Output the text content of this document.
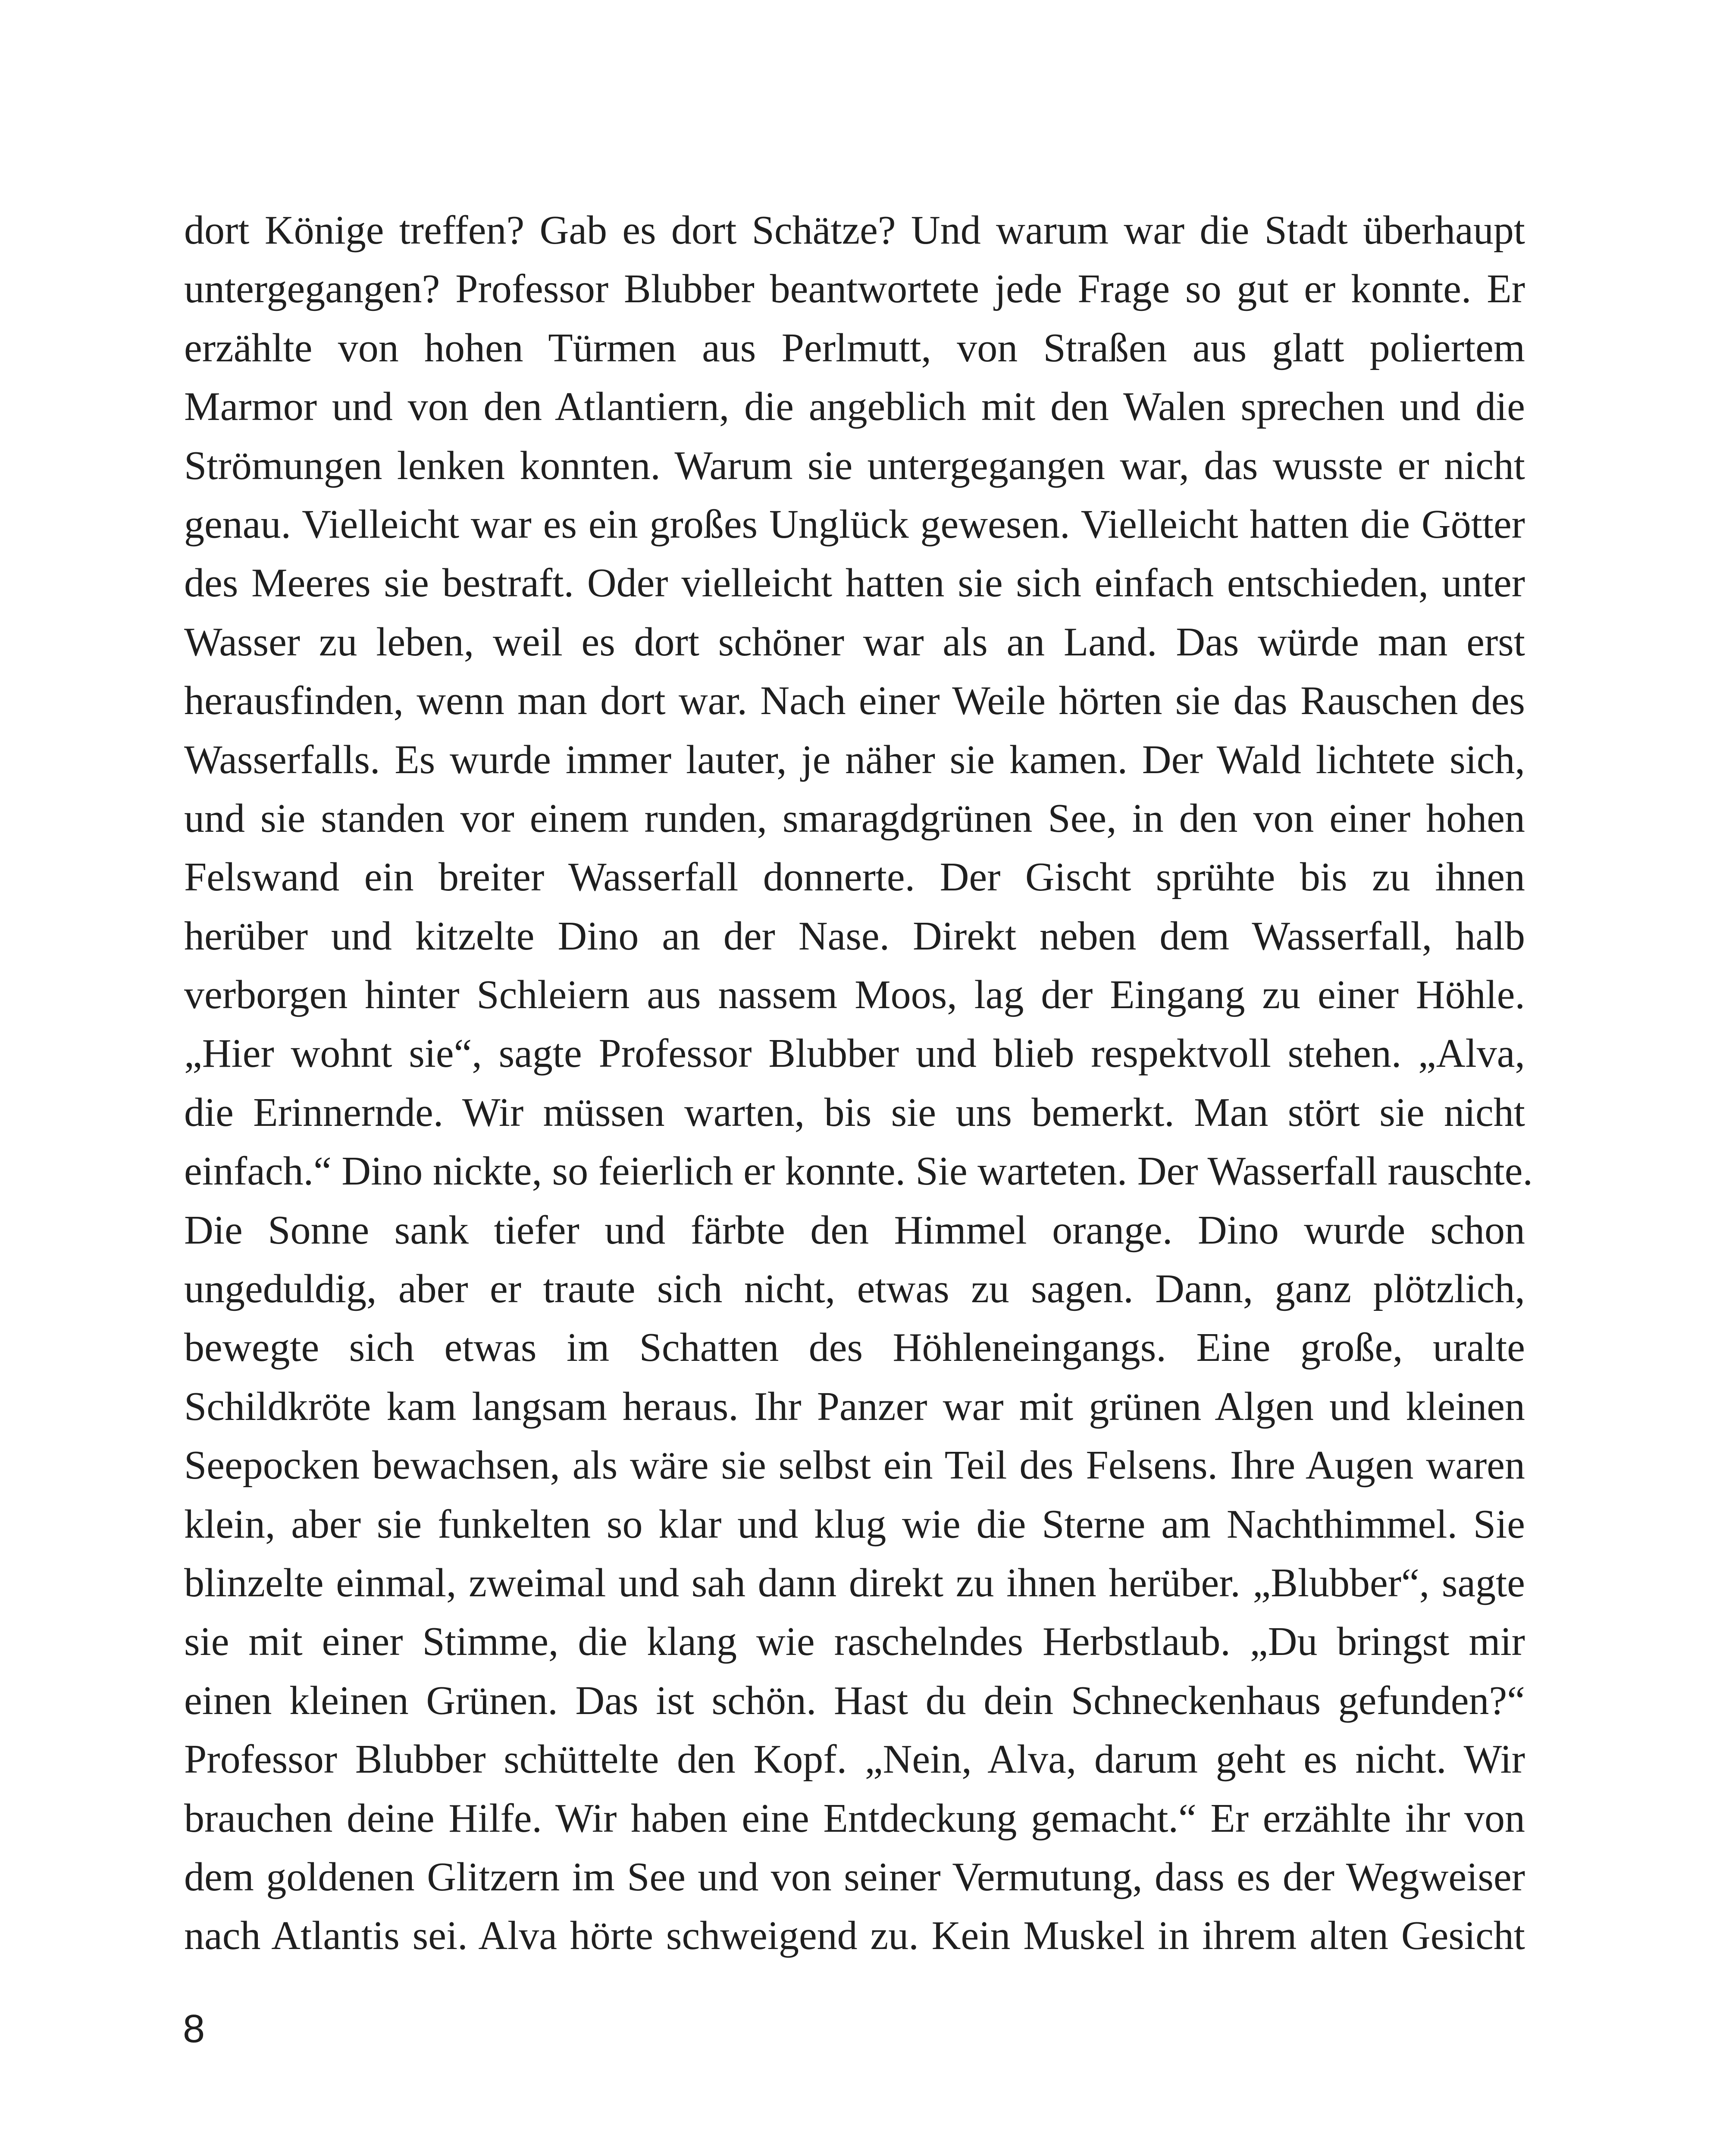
dort Könige treffen? Gab es dort Schätze? Und warum war die Stadt überhaupt
untergegangen? Professor Blubber beantwortete jede Frage so gut er konnte. Er
erzählte von hohen Türmen aus Perlmutt, von Straßen aus glatt poliertem
Marmor und von den Atlantiern, die angeblich mit den Walen sprechen und die
Strömungen lenken konnten. Warum sie untergegangen war, das wusste er nicht
genau. Vielleicht war es ein großes Unglück gewesen. Vielleicht hatten die Götter
des Meeres sie bestraft. Oder vielleicht hatten sie sich einfach entschieden, unter
Wasser zu leben, weil es dort schöner war als an Land. Das würde man erst
herausfinden, wenn man dort war. Nach einer Weile hörten sie das Rauschen des
Wasserfalls. Es wurde immer lauter, je näher sie kamen. Der Wald lichtete sich,
und sie standen vor einem runden, smaragdgrünen See, in den von einer hohen
Felswand ein breiter Wasserfall donnerte. Der Gischt sprühte bis zu ihnen
herüber und kitzelte Dino an der Nase. Direkt neben dem Wasserfall, halb
verborgen hinter Schleiern aus nassem Moos, lag der Eingang zu einer Höhle.
„Hier wohnt sie“, sagte Professor Blubber und blieb respektvoll stehen. „Alva,
die Erinnernde. Wir müssen warten, bis sie uns bemerkt. Man stört sie nicht
einfach.“ Dino nickte, so feierlich er konnte. Sie warteten. Der Wasserfall rauschte.
Die Sonne sank tiefer und färbte den Himmel orange. Dino wurde schon
ungeduldig, aber er traute sich nicht, etwas zu sagen. Dann, ganz plötzlich,
bewegte sich etwas im Schatten des Höhleneingangs. Eine große, uralte
Schildkröte kam langsam heraus. Ihr Panzer war mit grünen Algen und kleinen
Seepocken bewachsen, als wäre sie selbst ein Teil des Felsens. Ihre Augen waren
klein, aber sie funkelten so klar und klug wie die Sterne am Nachthimmel. Sie
blinzelte einmal, zweimal und sah dann direkt zu ihnen herüber. „Blubber“, sagte
sie mit einer Stimme, die klang wie raschelndes Herbstlaub. „Du bringst mir
einen kleinen Grünen. Das ist schön. Hast du dein Schneckenhaus gefunden?“
Professor Blubber schüttelte den Kopf. „Nein, Alva, darum geht es nicht. Wir
brauchen deine Hilfe. Wir haben eine Entdeckung gemacht.“ Er erzählte ihr von
dem goldenen Glitzern im See und von seiner Vermutung, dass es der Wegweiser
nach Atlantis sei. Alva hörte schweigend zu. Kein Muskel in ihrem alten Gesicht
8
